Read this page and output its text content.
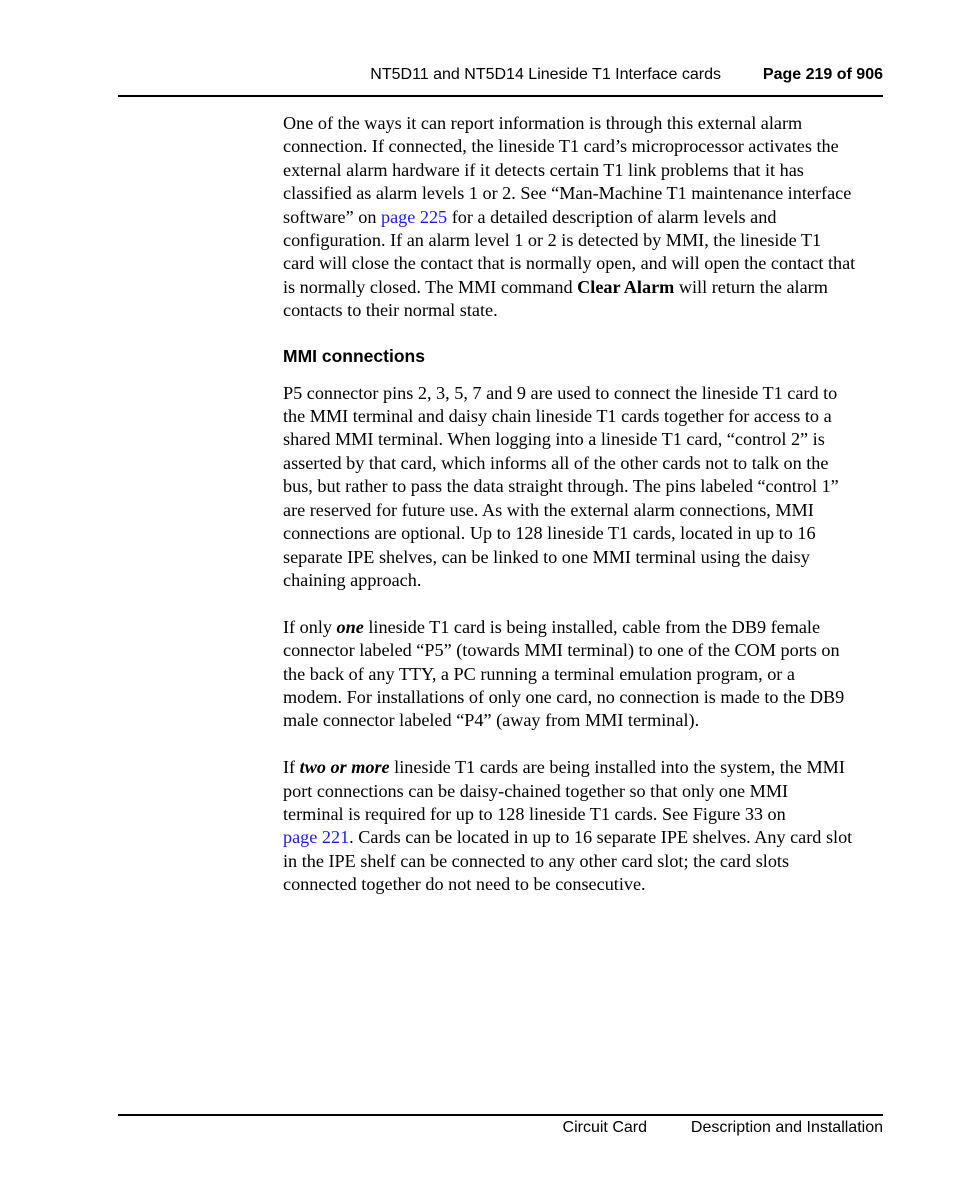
NT5D11 and NT5D14 Lineside T1 Interface cards	Page 219 of 906

One of the ways it can report information is through this external alarm

connection. If connected, the lineside T1 card’s microprocessor activates the

external alarm hardware if it detects certain T1 link problems that it has

classified as alarm levels 1 or 2. See “Man-Machine T1 maintenance interface

software” on page 225 for a detailed description of alarm levels and

configuration. If an alarm level 1 or 2 is detected by MMI, the lineside T1

card will close the contact that is normally open, and will open the contact that

is normally closed. The MMI command Clear Alarm will return the alarm

contacts to their normal state.

MMI connections

P5 connector pins 2, 3, 5, 7 and 9 are used to connect the lineside T1 card to

the MMI terminal and daisy chain lineside T1 cards together for access to a

shared MMI terminal. When logging into a lineside T1 card, “control 2” is

asserted by that card, which informs all of the other cards not to talk on the

bus, but rather to pass the data straight through. The pins labeled “control 1”

are reserved for future use. As with the external alarm connections, MMI

connections are optional. Up to 128 lineside T1 cards, located in up to 16

separate IPE shelves, can be linked to one MMI terminal using the daisy

chaining approach.

If only one lineside T1 card is being installed, cable from the DB9 female

connector labeled “P5” (towards MMI terminal) to one of the COM ports on

the back of any TTY, a PC running a terminal emulation program, or a

modem. For installations of only one card, no connection is made to the DB9

male connector labeled “P4” (away from MMI terminal).

If two or more lineside T1 cards are being installed into the system, the MMI

port connections can be daisy-chained together so that only one MMI

terminal is required for up to 128 lineside T1 cards. See Figure 33 on

page 221. Cards can be located in up to 16 separate IPE shelves. Any card slot

in the IPE shelf can be connected to any other card slot; the card slots

connected together do not need to be consecutive.

Circuit Card	Description and Installation
